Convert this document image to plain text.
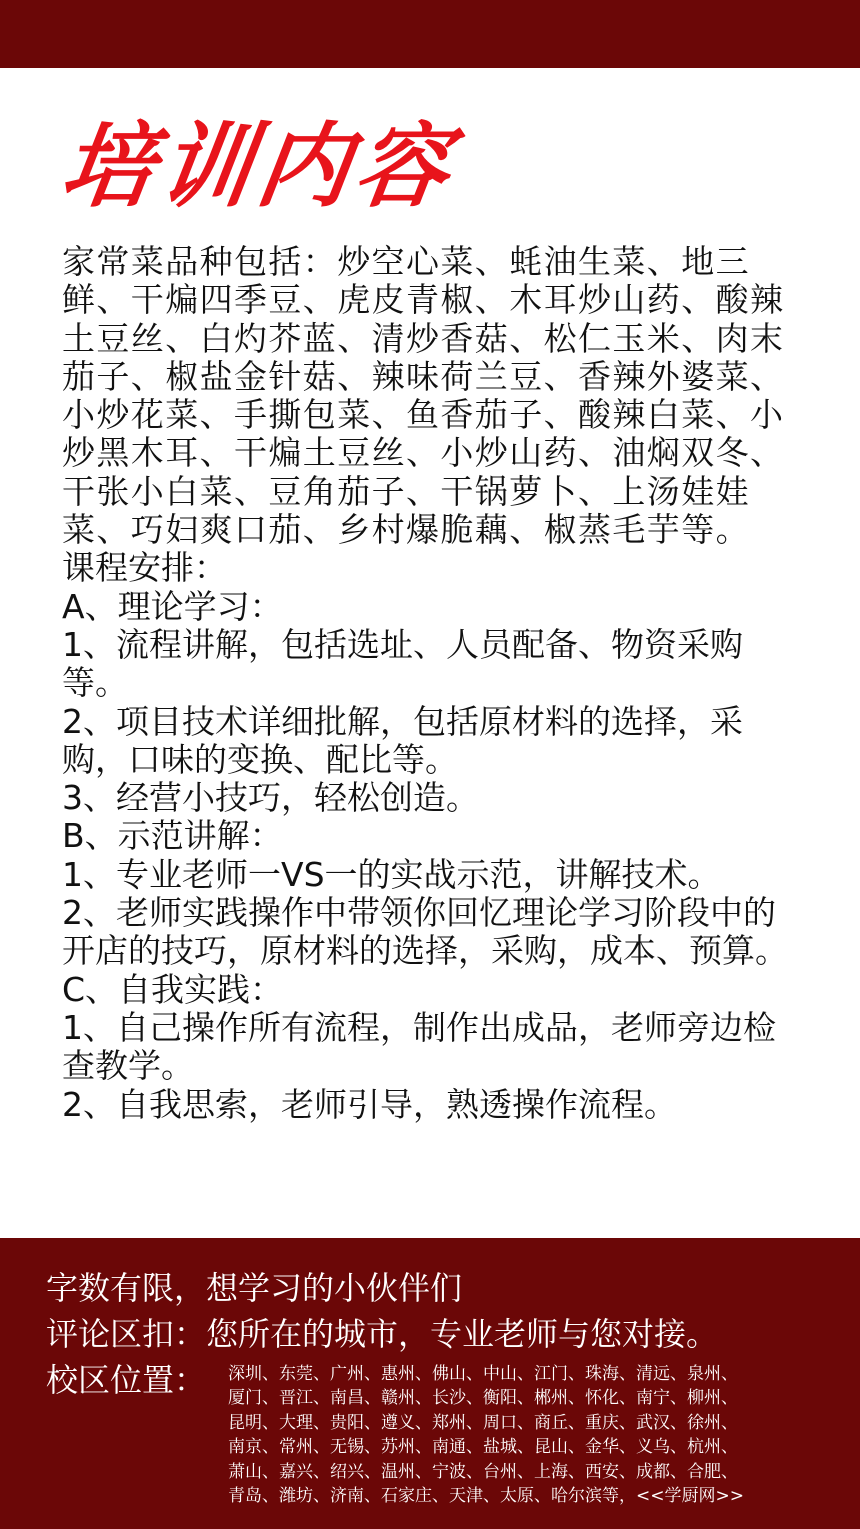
培训内容

家常菜品种包括：炒空心菜、蚝油生菜、地三鲜、干煸四季豆、虎皮青椒、木耳炒山药、酸辣土豆丝、白灼芥蓝、清炒香菇、松仁玉米、肉末茄子、椒盐金针菇、辣味荷兰豆、香辣外婆菜、小炒花菜、手撕包菜、鱼香茄子、酸辣白菜、小炒黑木耳、干煸土豆丝、小炒山药、油焖双冬、干张小白菜、豆角茄子、干锅萝卜、上汤娃娃菜、巧妇爽口茄、乡村爆脆藕、椒蒸毛芋等。

课程安排：

A、理论学习：

1、流程讲解，包括选址、人员配备、物资采购等。

2、项目技术详细批解，包括原材料的选择，采购，口味的变换、配比等。

3、经营小技巧，轻松创造。

B、示范讲解：

1、专业老师一VS一的实战示范，讲解技术。

2、老师实践操作中带领你回忆理论学习阶段中的开店的技巧，原材料的选择，采购，成本、预算。

C、自我实践：

1、自己操作所有流程，制作出成品，老师旁边检查教学。

2、自我思索，老师引导，熟透操作流程。

字数有限，想学习的小伙伴们
评论区扣：您所在的城市，专业老师与您对接。
校区位置： 深圳、东莞、广州、惠州、佛山、中山、江门、珠海、清远、泉州、
厦门、晋江、南昌、赣州、长沙、衡阳、郴州、怀化、南宁、柳州、
昆明、大理、贵阳、遵义、郑州、周口、商丘、重庆、武汉、徐州、
南京、常州、无锡、苏州、南通、盐城、昆山、金华、义乌、杭州、
萧山、嘉兴、绍兴、温州、宁波、台州、上海、西安、成都、合肥、
青岛、潍坊、济南、石家庄、天津、太原、哈尔滨等，<<学厨网>>
